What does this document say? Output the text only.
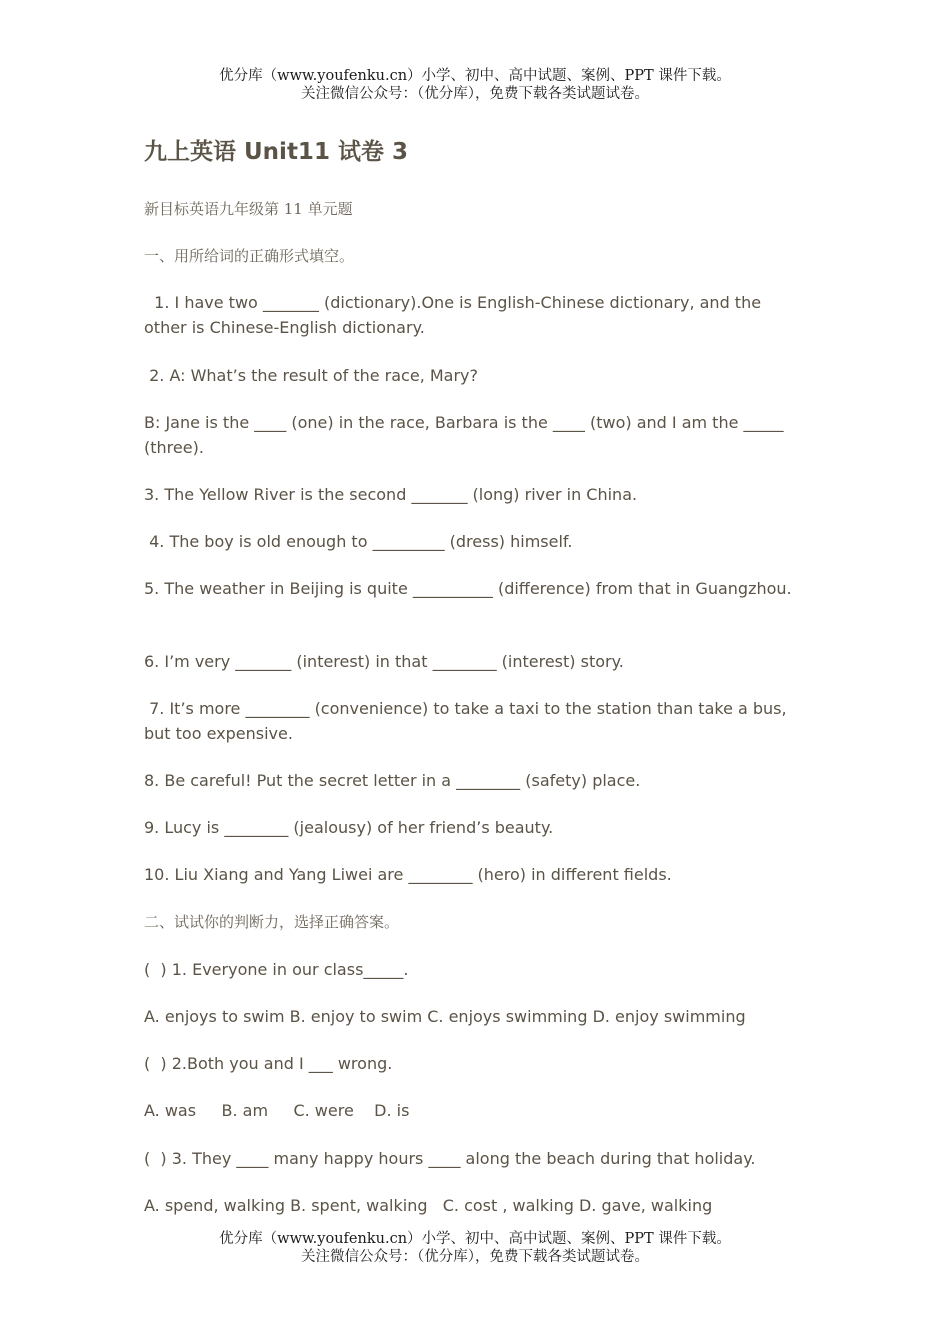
优分库（www.youfenku.cn）小学、初中、高中试题、案例、PPT 课件下载。
关注微信公众号：（优分库），免费下载各类试题试卷。
九上英语 Unit11 试卷 3
新目标英语九年级第 11 单元题
一、用所给词的正确形式填空。
1. I have two _______ (dictionary).One is English-Chinese dictionary, and the other is Chinese-English dictionary.
2. A: What’s the result of the race, Mary?
B: Jane is the ____ (one) in the race, Barbara is the ____ (two) and I am the _____ (three).
3. The Yellow River is the second _______ (long) river in China.
4. The boy is old enough to _________ (dress) himself.
5. The weather in Beijing is quite __________ (difference) from that in Guangzhou.
6. I’m very _______ (interest) in that ________ (interest) story.
7. It’s more ________ (convenience) to take a taxi to the station than take a bus, but too expensive.
8. Be careful! Put the secret letter in a ________ (safety) place.
9. Lucy is ________ (jealousy) of her friend’s beauty.
10. Liu Xiang and Yang Liwei are ________ (hero) in different fields.
二、试试你的判断力，选择正确答案。
(  ) 1. Everyone in our class_____.
A. enjoys to swim B. enjoy to swim C. enjoys swimming D. enjoy swimming
(  ) 2.Both you and I ___ wrong.
A. was     B. am     C. were    D. is
(  ) 3. They ____ many happy hours ____ along the beach during that holiday.
A. spend, walking B. spent, walking   C. cost , walking D. gave, walking
优分库（www.youfenku.cn）小学、初中、高中试题、案例、PPT 课件下载。
关注微信公众号：（优分库），免费下载各类试题试卷。
